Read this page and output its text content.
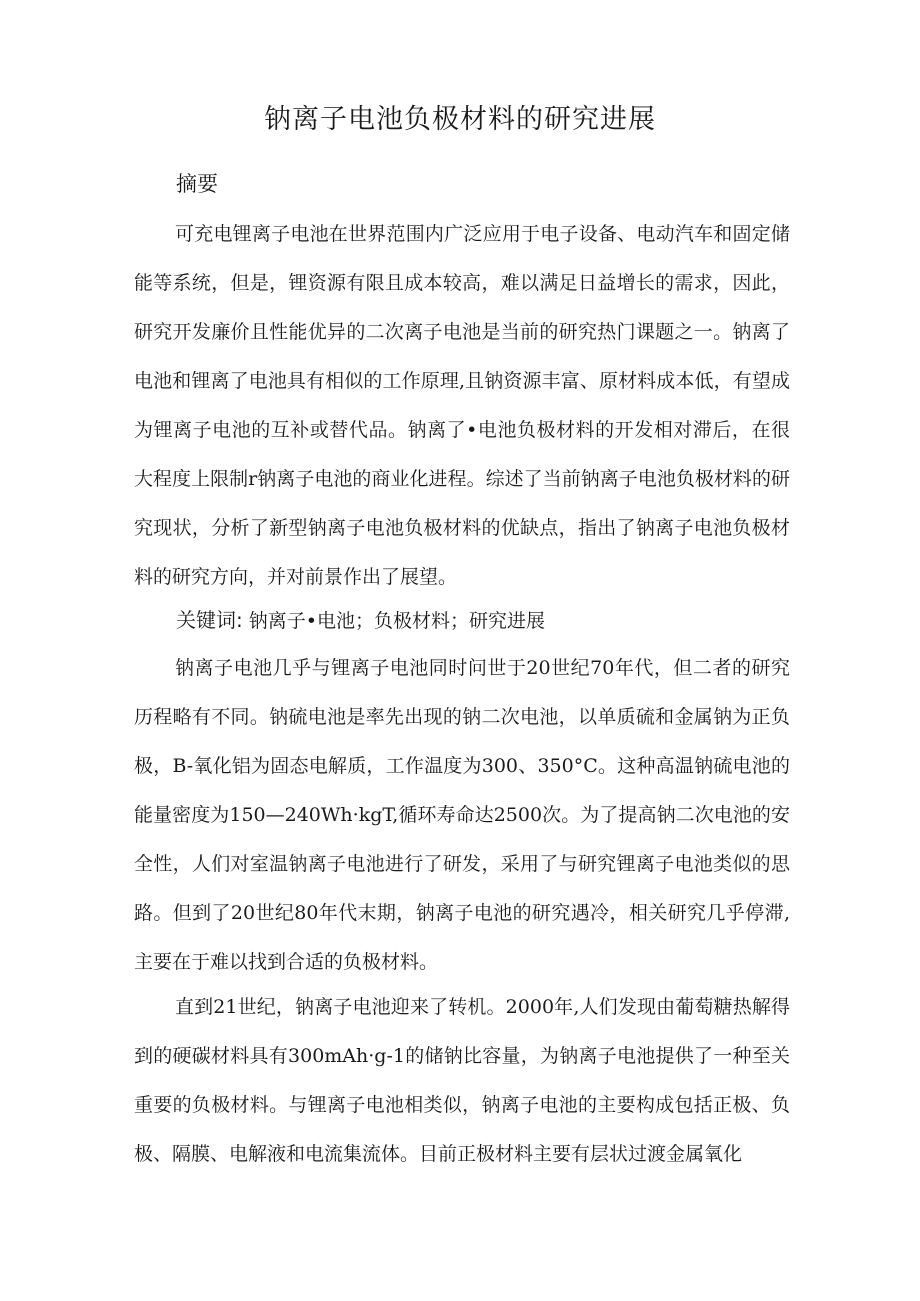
钠离子电池负极材料的研究进展
摘要

可充电锂离子电池在世界范围内广泛应用于电子设备、电动汽车和固定储能等系统，但是，锂资源有限且成本较高，难以满足日益增长的需求，因此，研究开发廉价且性能优异的二次离子电池是当前的研究热门课题之一。钠离了电池和锂离了电池具有相似的工作原理,且钠资源丰富、原材料成本低，有望成为锂离子电池的互补或替代品。钠离了•电池负极材料的开发相对滞后，在很大程度上限制r钠离子电池的商业化进程。综述了当前钠离子电池负极材料的研究现状，分析了新型钠离子电池负极材料的优缺点，指出了钠离子电池负极材料的研究方向，并对前景作出了展望。

关键词: 钠离子•电池；负极材料；研究进展

钠离子电池几乎与锂离子电池同时问世于20世纪70年代，但二者的研究历程略有不同。钠硫电池是率先出现的钠二次电池，以单质硫和金属钠为正负极，B-氧化铝为固态电解质，工作温度为300、350°C。这种高温钠硫电池的能量密度为150—240Wh·kgT,循环寿命达2500次。为了提高钠二次电池的安全性，人们对室温钠离子电池进行了研发，采用了与研究锂离子电池类似的思路。但到了20世纪80年代末期，钠离子电池的研究遇冷，相关研究几乎停滞,主要在于难以找到合适的负极材料。

直到21世纪，钠离子电池迎来了转机。2000年,人们发现由葡萄糖热解得到的硬碳材料具有300mAh·g-1的储钠比容量，为钠离子电池提供了一种至关重要的负极材料。与锂离子电池相类似，钠离子电池的主要构成包括正极、负极、隔膜、电解液和电流集流体。目前正极材料主要有层状过渡金属氧化
